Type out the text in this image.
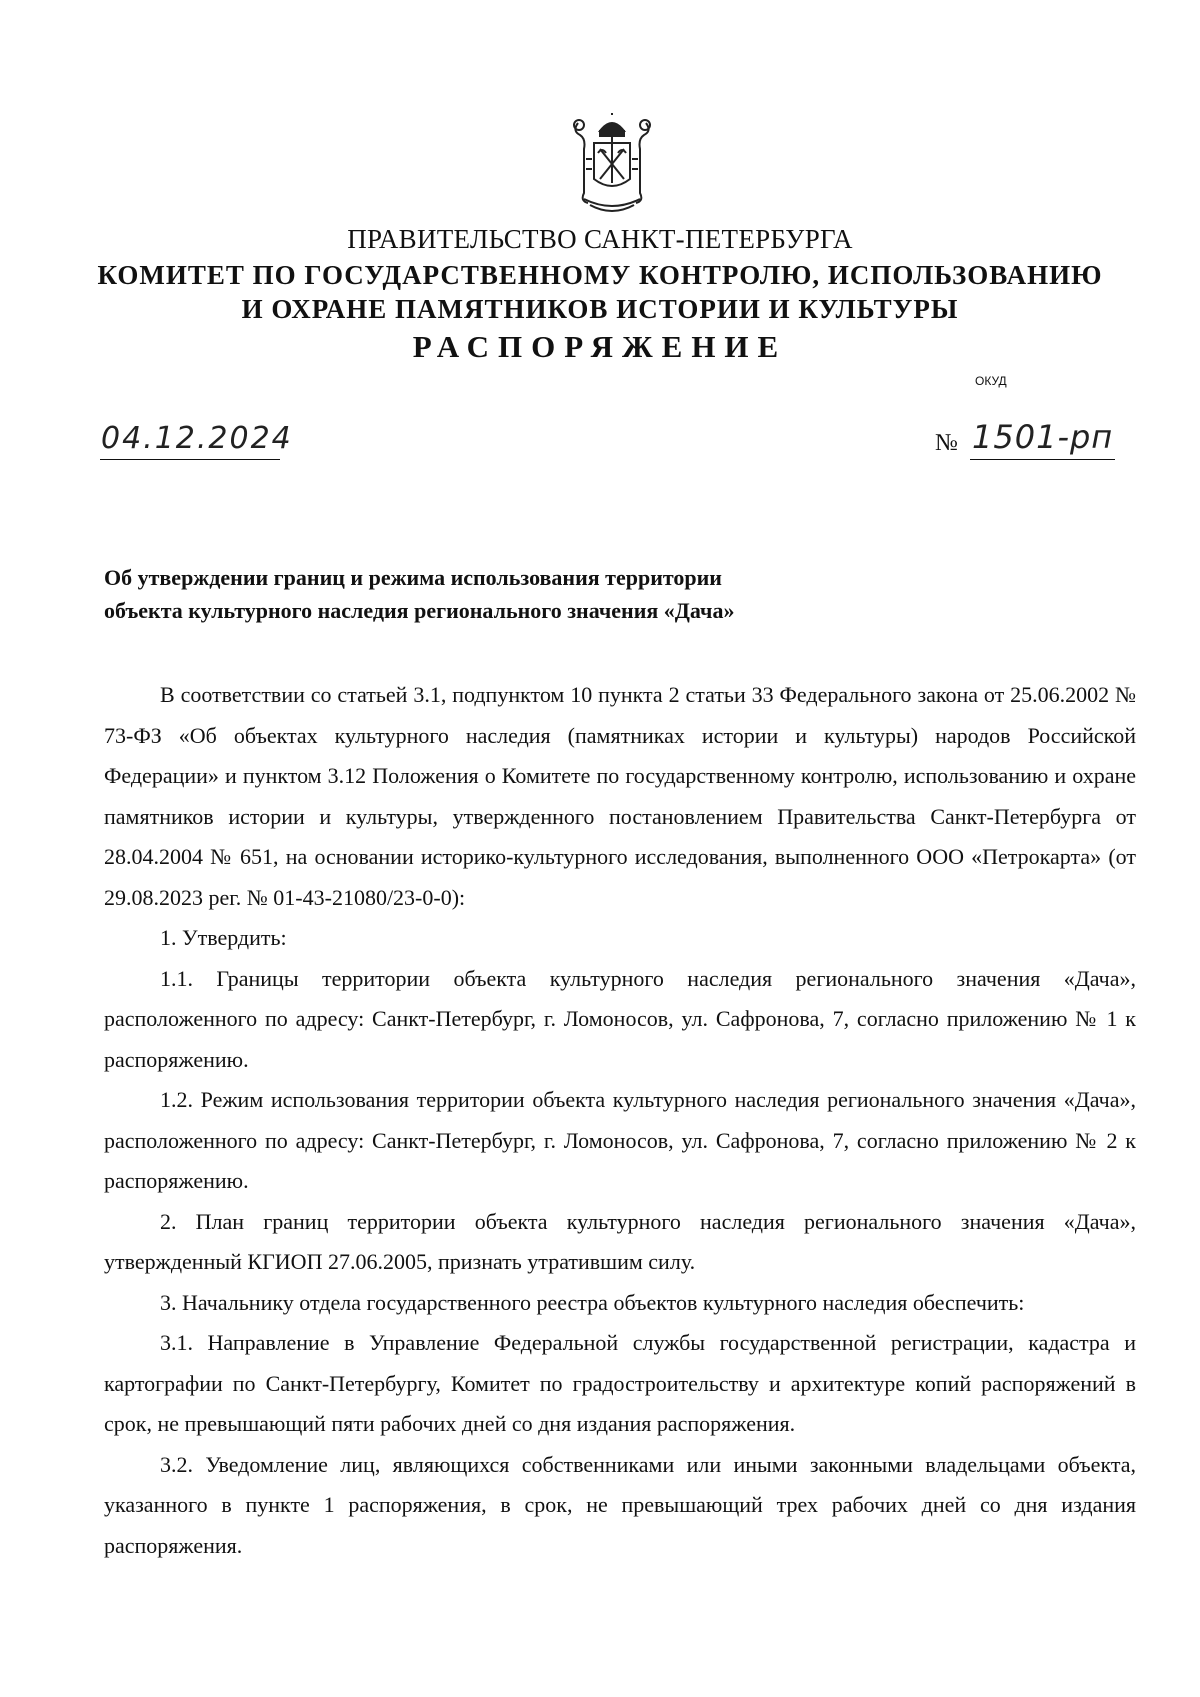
ПРАВИТЕЛЬСТВО САНКТ-ПЕТЕРБУРГА
КОМИТЕТ ПО ГОСУДАРСТВЕННОМУ КОНТРОЛЮ, ИСПОЛЬЗОВАНИЮ
И ОХРАНЕ ПАМЯТНИКОВ ИСТОРИИ И КУЛЬТУРЫ
РАСПОРЯЖЕНИЕ
ОКУД
04.12.2024	№ 1501-рп
Об утверждении границ и режима использования территории
объекта культурного наследия регионального значения «Дача»

В соответствии со статьей 3.1, подпунктом 10 пункта 2 статьи 33 Федерального закона от 25.06.2002 № 73-ФЗ «Об объектах культурного наследия (памятниках истории и культуры) народов Российской Федерации» и пунктом 3.12 Положения о Комитете по государственному контролю, использованию и охране памятников истории и культуры, утвержденного постановлением Правительства Санкт-Петербурга от 28.04.2004 № 651, на основании историко-культурного исследования, выполненного ООО «Петрокарта» (от 29.08.2023 рег. № 01-43-21080/23-0-0):

1. Утвердить:

1.1. Границы территории объекта культурного наследия регионального значения «Дача», расположенного по адресу: Санкт-Петербург, г. Ломоносов, ул. Сафронова, 7, согласно приложению № 1 к распоряжению.

1.2. Режим использования территории объекта культурного наследия регионального значения «Дача», расположенного по адресу: Санкт-Петербург, г. Ломоносов, ул. Сафронова, 7, согласно приложению № 2 к распоряжению.

2. План границ территории объекта культурного наследия регионального значения «Дача», утвержденный КГИОП 27.06.2005, признать утратившим силу.

3. Начальнику отдела государственного реестра объектов культурного наследия обеспечить:

3.1. Направление в Управление Федеральной службы государственной регистрации, кадастра и картографии по Санкт-Петербургу, Комитет по градостроительству и архитектуре копий распоряжений в срок, не превышающий пяти рабочих дней со дня издания распоряжения.

3.2. Уведомление лиц, являющихся собственниками или иными законными владельцами объекта, указанного в пункте 1 распоряжения, в срок, не превышающий трех рабочих дней со дня издания распоряжения.
